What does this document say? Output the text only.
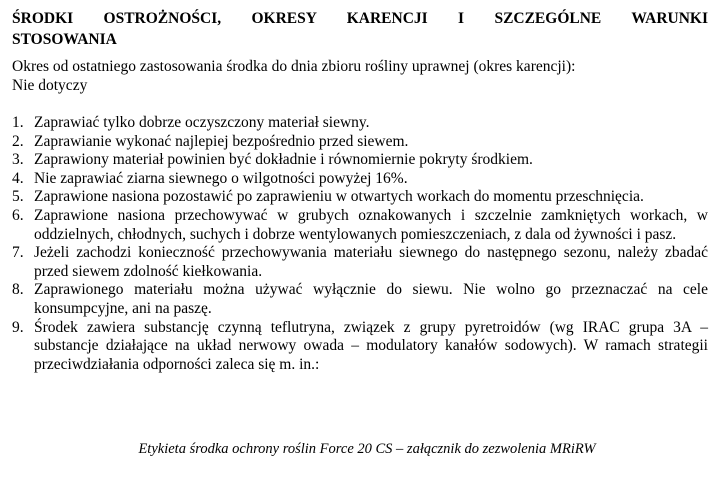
ŚRODKI OSTROŻNOŚCI, OKRESY KARENCJI I SZCZEGÓLNE WARUNKI
STOSOWANIA
Okres od ostatniego zastosowania środka do dnia zbioru rośliny uprawnej (okres karencji):
Nie dotyczy
1. Zaprawiać tylko dobrze oczyszczony materiał siewny.
2. Zaprawianie wykonać najlepiej bezpośrednio przed siewem.
3. Zaprawiony materiał powinien być dokładnie i równomiernie pokryty środkiem.
4. Nie zaprawiać ziarna siewnego o wilgotności powyżej 16%.
5. Zaprawione nasiona pozostawić po zaprawieniu w otwartych workach do momentu przeschnięcia.
6. Zaprawione nasiona przechowywać w grubych oznakowanych i szczelnie zamkniętych workach, w oddzielnych, chłodnych, suchych i dobrze wentylowanych pomieszczeniach, z dala od żywności i pasz.
7. Jeżeli zachodzi konieczność przechowywania materiału siewnego do następnego sezonu, należy zbadać przed siewem zdolność kiełkowania.
8. Zaprawionego materiału można używać wyłącznie do siewu. Nie wolno go przeznaczać na cele konsumpcyjne, ani na paszę.
9. Środek zawiera substancję czynną teflutryna, związek z grupy pyretroidów (wg IRAC grupa 3A – substancje działające na układ nerwowy owada – modulatory kanałów sodowych). W ramach strategii przeciwdziałania odporności zaleca się m. in.:
Etykieta środka ochrony roślin Force 20 CS – załącznik do zezwolenia MRiRW
